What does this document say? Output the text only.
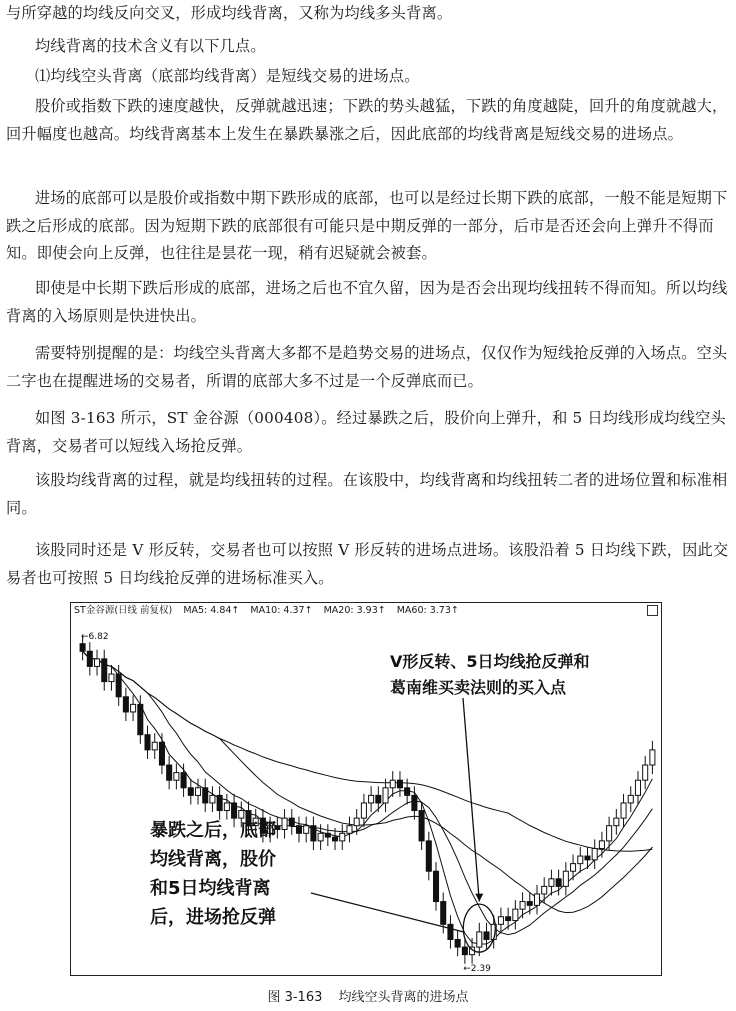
与所穿越的均线反向交叉，形成均线背离，又称为均线多头背离。

均线背离的技术含义有以下几点。

⑴均线空头背离（底部均线背离）是短线交易的进场点。

股价或指数下跌的速度越快，反弹就越迅速；下跌的势头越猛，下跌的角度越陡，回升的角度就越大，回升幅度也越高。均线背离基本上发生在暴跌暴涨之后，因此底部的均线背离是短线交易的进场点。

进场的底部可以是股价或指数中期下跌形成的底部，也可以是经过长期下跌的底部，一般不能是短期下跌之后形成的底部。因为短期下跌的底部很有可能只是中期反弹的一部分，后市是否还会向上弹升不得而知。即使会向上反弹，也往往是昙花一现，稍有迟疑就会被套。

即使是中长期下跌后形成的底部，进场之后也不宜久留，因为是否会出现均线扭转不得而知。所以均线背离的入场原则是快进快出。

需要特别提醒的是：均线空头背离大多都不是趋势交易的进场点，仅仅作为短线抢反弹的入场点。空头二字也在提醒进场的交易者，所谓的底部大多不过是一个反弹底而已。

如图 3-163 所示，ST 金谷源（000408）。经过暴跌之后，股价向上弹升，和 5 日均线形成均线空头背离，交易者可以短线入场抢反弹。

该股均线背离的过程，就是均线扭转的过程。在该股中，均线背离和均线扭转二者的进场位置和标准相同。

该股同时还是 V 形反转，交易者也可以按照 V 形反转的进场点进场。该股沿着 5 日均线下跌，因此交易者也可按照 5 日均线抢反弹的进场标准买入。

←6.82
←2.39
ST金谷源(日线 前复权) MA5: 4.84↑ MA10: 4.37↑ MA20: 3.93↑ MA60: 3.73↑
V形反转、5日均线抢反弹和
葛南维买卖法则的买入点
暴跌之后，底部
均线背离，股价
和5日均线背离
后，进场抢反弹
图 3-163 均线空头背离的进场点
